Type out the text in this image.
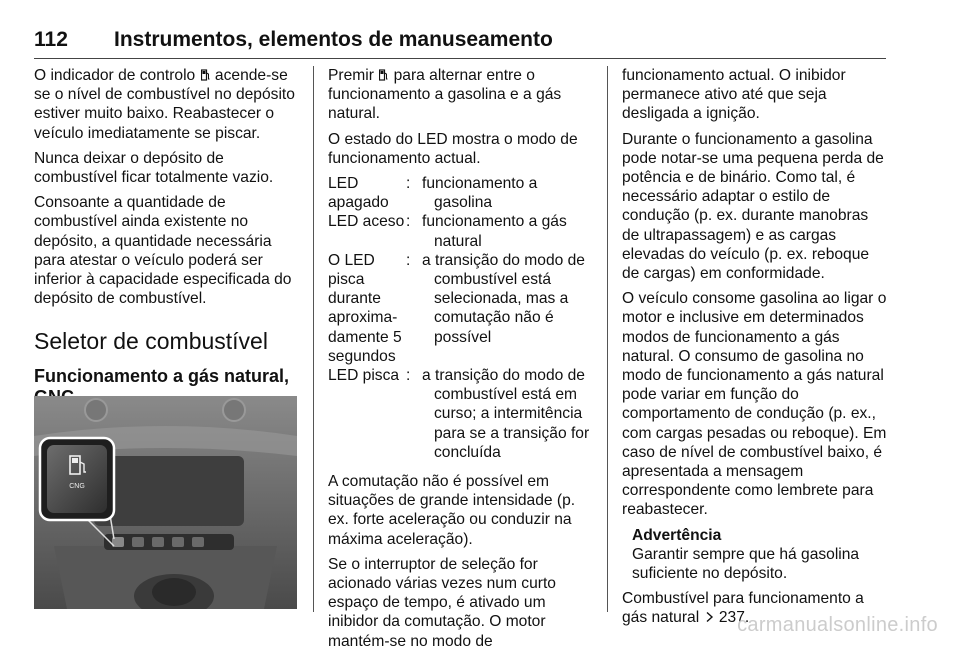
112 Instrumentos, elementos de manuseamento

O indicador de controlo acende-se se o nível de combustível no depósito estiver muito baixo. Reabastecer o veículo imediatamente se piscar.

Nunca deixar o depósito de combustível ficar totalmente vazio.

Consoante a quantidade de combustível ainda existente no depósito, a quantidade necessária para atestar o veículo poderá ser inferior à capacidade especificada do depósito de combustível.

Seletor de combustível
Funcionamento a gás natural,
CNG

Premir para alternar entre o funcionamento a gasolina e a gás natural.

O estado do LED mostra o modo de funcionamento actual.

LED apagado
: funcionamento a gasolina
LED aceso : funcionamento a gás natural
O LED pisca durante aproximadamente 5 segundos
: a transição do modo de combustível está selecionada, mas a comutação não é possível
LED pisca : a transição do modo de combustível está em curso; a intermitência para se a transição for concluída

A comutação não é possível em situações de grande intensidade (p. ex. forte aceleração ou conduzir na máxima aceleração).

Se o interruptor de seleção for acionado várias vezes num curto espaço de tempo, é ativado um inibidor da comutação. O motor mantém-se no modo de

funcionamento actual. O inibidor permanece ativo até que seja desligada a ignição.

Durante o funcionamento a gasolina pode notar-se uma pequena perda de potência e de binário. Como tal, é necessário adaptar o estilo de condução (p. ex. durante manobras de ultrapassagem) e as cargas elevadas do veículo (p. ex. reboque de cargas) em conformidade.

O veículo consome gasolina ao ligar o motor e inclusive em determinados modos de funcionamento a gás natural. O consumo de gasolina no modo de funcionamento a gás natural pode variar em função do comportamento de condução (p. ex., com cargas pesadas ou reboque). Em caso de nível de combustível baixo, é apresentada a mensagem correspondente como lembrete para reabastecer.

Advertência
Garantir sempre que há gasolina suficiente no depósito.

Combustível para funcionamento a gás natural 237.

carmanualsonline.info
